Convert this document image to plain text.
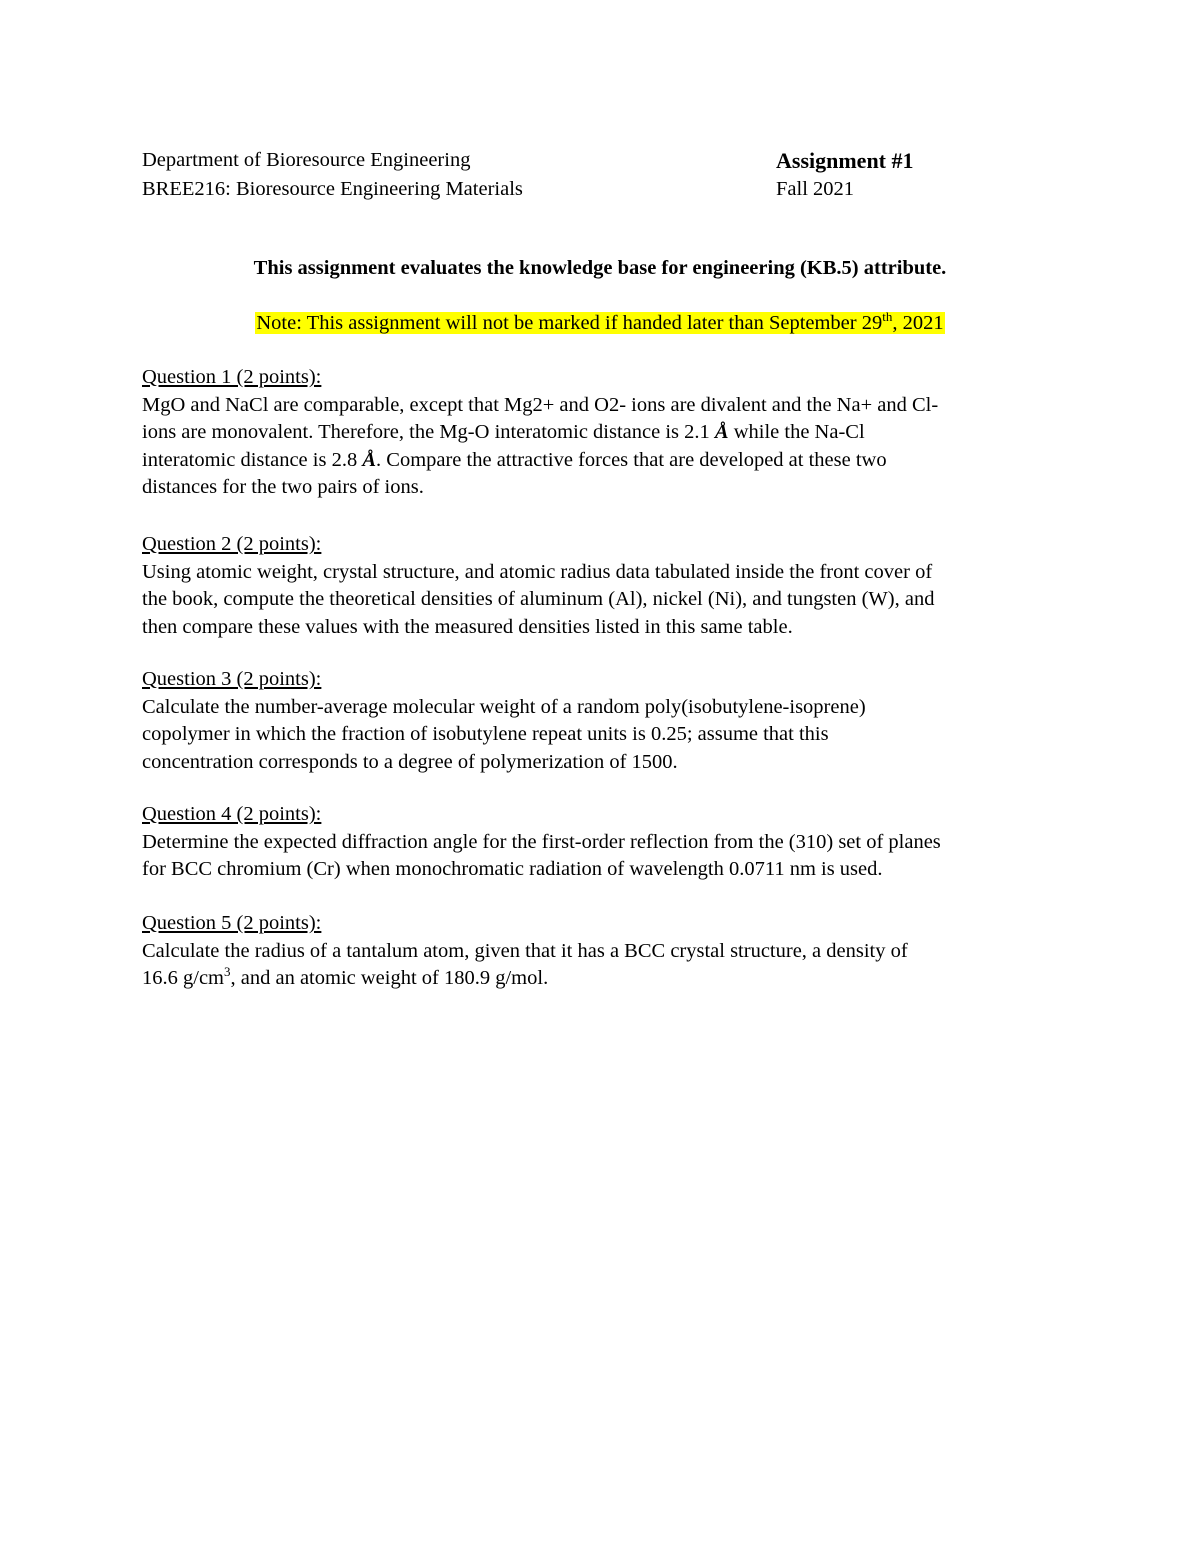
Department of Bioresource Engineering
BREE216: Bioresource Engineering Materials
Assignment #1
Fall 2021
This assignment evaluates the knowledge base for engineering (KB.5) attribute.
Note: This assignment will not be marked if handed later than September 29th, 2021
Question 1 (2 points):
MgO and NaCl are comparable, except that Mg2+ and O2- ions are divalent and the Na+ and Cl-
ions are monovalent. Therefore, the Mg-O interatomic distance is 2.1 Å while the Na-Cl
interatomic distance is 2.8 Å. Compare the attractive forces that are developed at these two
distances for the two pairs of ions.
Question 2 (2 points):
Using atomic weight, crystal structure, and atomic radius data tabulated inside the front cover of
the book, compute the theoretical densities of aluminum (Al), nickel (Ni), and tungsten (W), and
then compare these values with the measured densities listed in this same table.
Question 3 (2 points):
Calculate the number-average molecular weight of a random poly(isobutylene-isoprene)
copolymer in which the fraction of isobutylene repeat units is 0.25; assume that this
concentration corresponds to a degree of polymerization of 1500.
Question 4 (2 points):
Determine the expected diffraction angle for the first-order reflection from the (310) set of planes
for BCC chromium (Cr) when monochromatic radiation of wavelength 0.0711 nm is used.
Question 5 (2 points):
Calculate the radius of a tantalum atom, given that it has a BCC crystal structure, a density of
16.6 $g/cm^3$, and an atomic weight of 180.9 g/mol.
